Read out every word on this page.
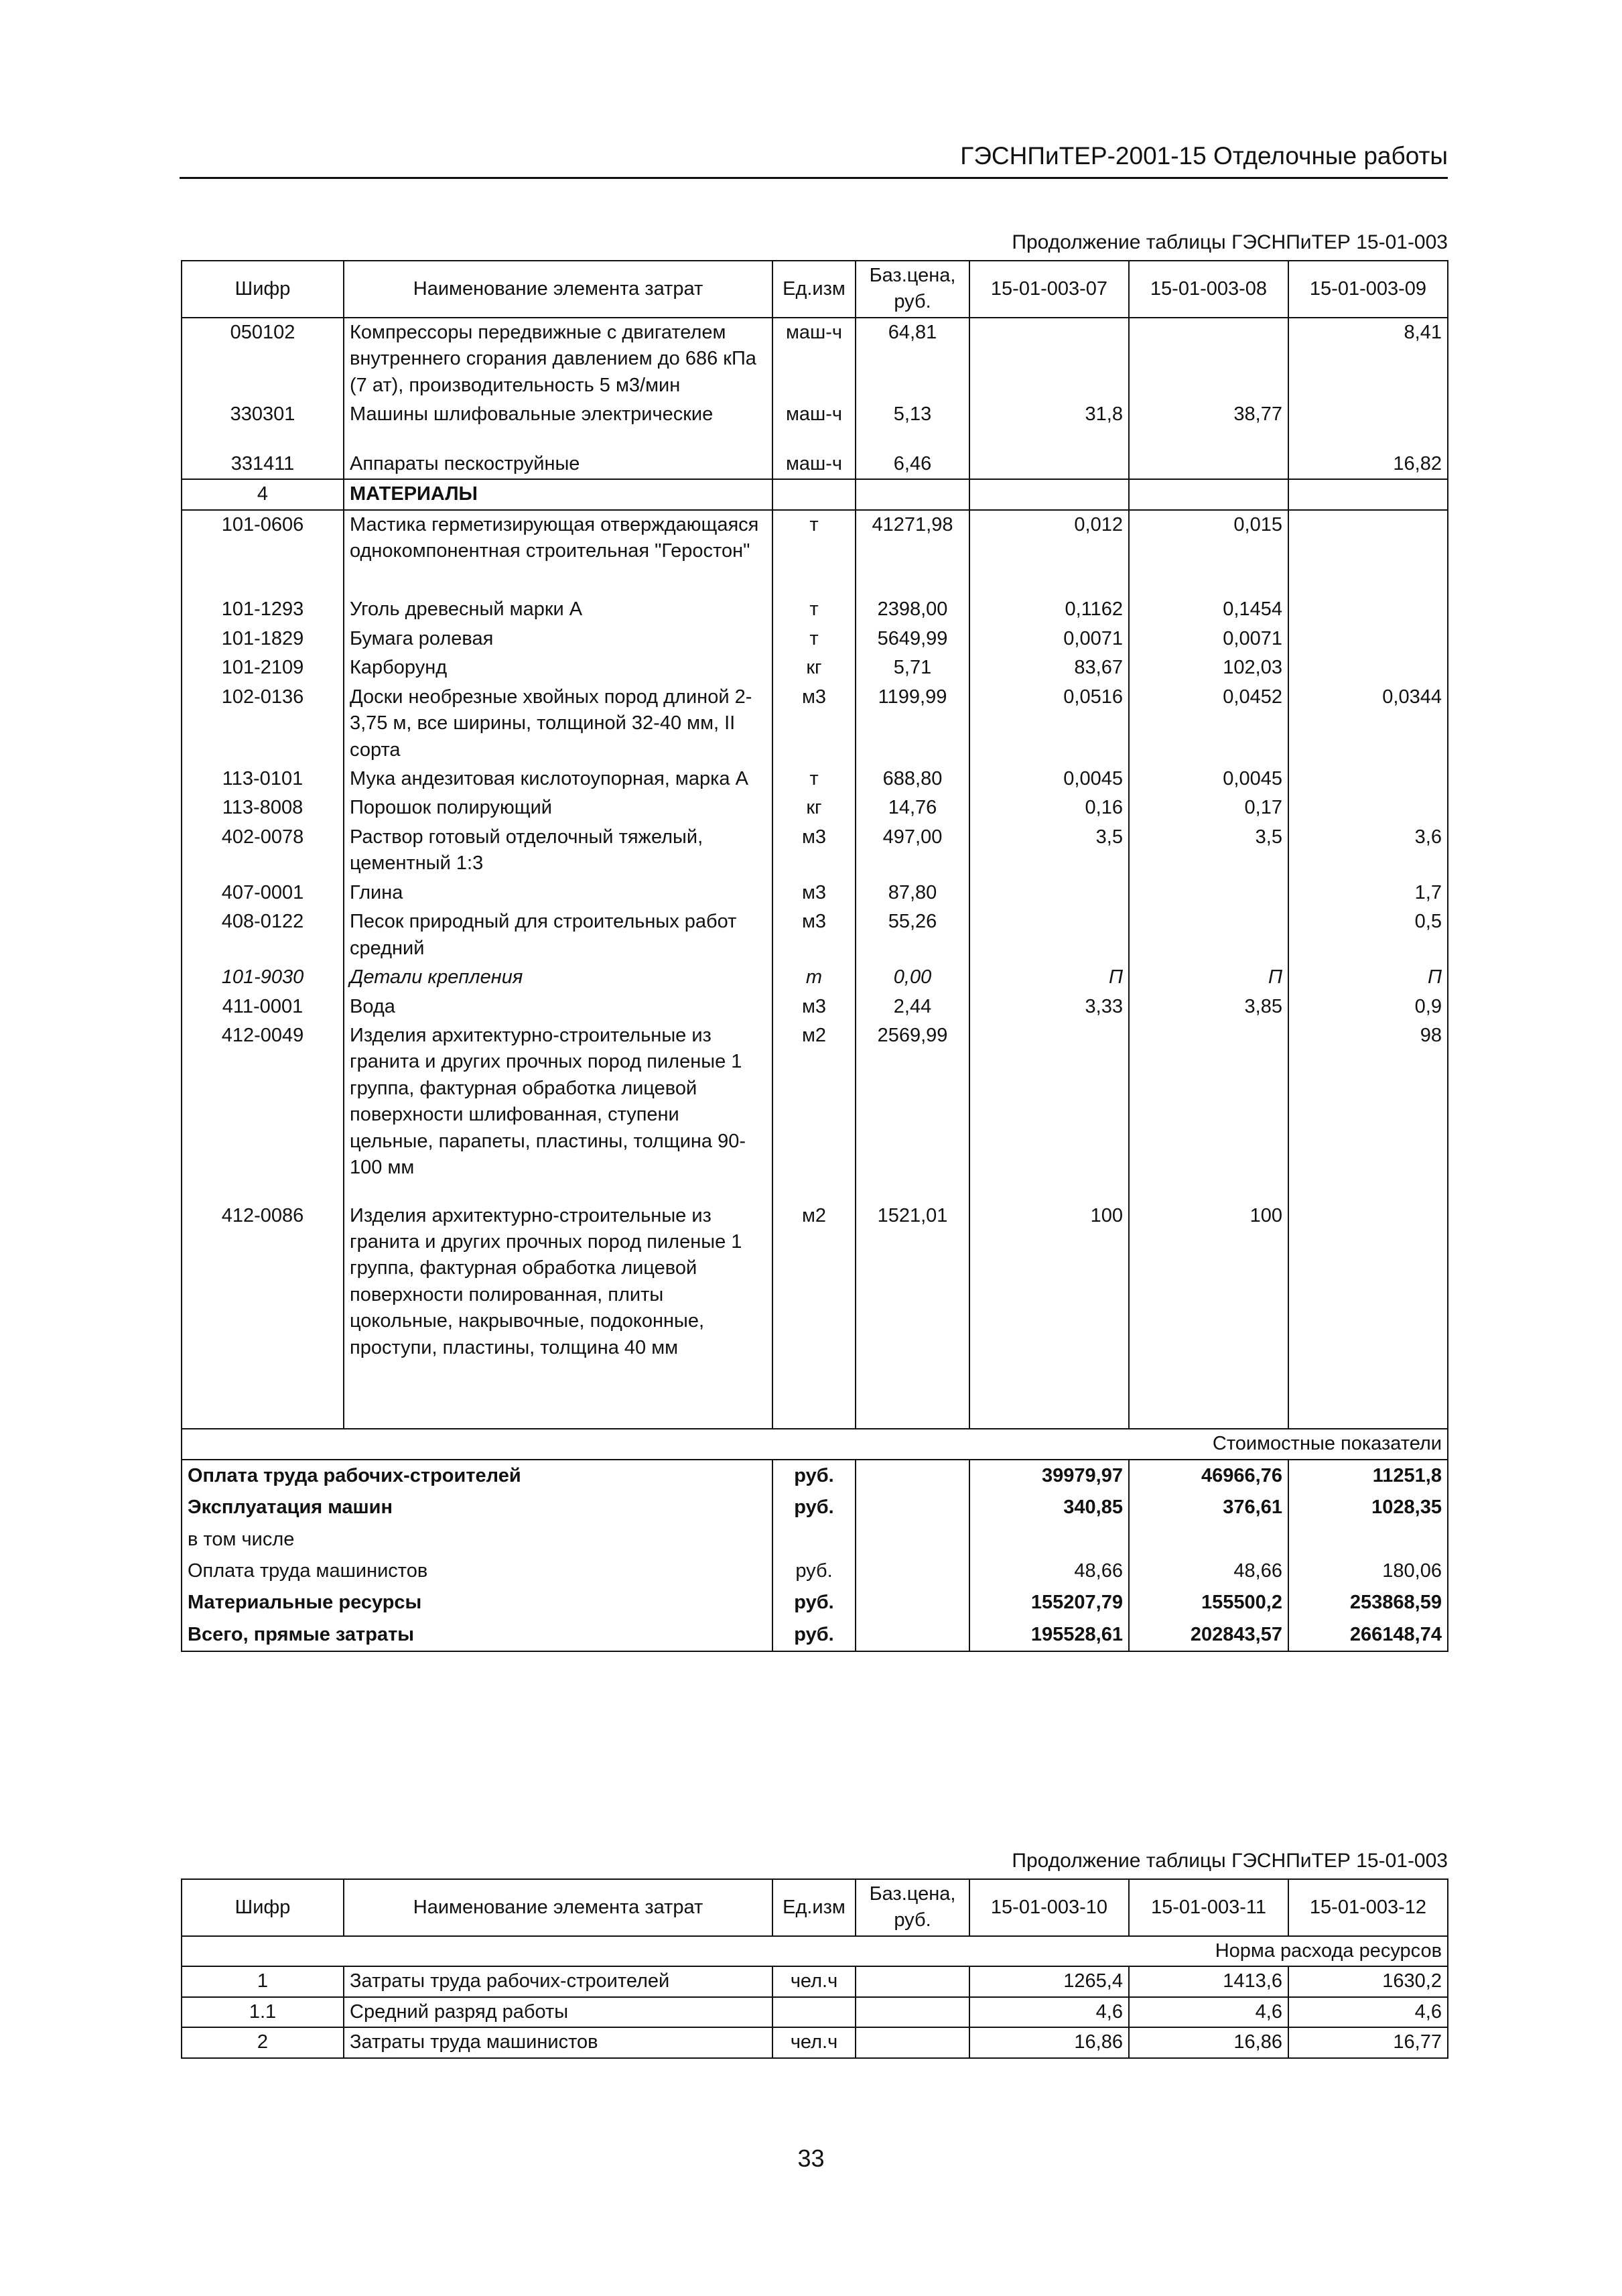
ГЭСНПиТЕР-2001-15 Отделочные работы
Продолжение таблицы ГЭСНПиТЕР 15-01-003
Шифр	Наименование элемента затрат	Ед.изм	Баз.цена, руб.	15-01-003-07	15-01-003-08	15-01-003-09
050102	Компрессоры передвижные с двигателем внутреннего сгорания давлением до 686 кПа (7 ат), производительность 5 м3/мин	маш-ч	64,81			8,41
330301	Машины шлифовальные электрические	маш-ч	5,13	31,8	38,77	
331411	Аппараты пескоструйные	маш-ч	6,46			16,82
4	МАТЕРИАЛЫ					
101-0606	Мастика герметизирующая отверждающаяся однокомпонентная строительная "Геростон"	т	41271,98	0,012	0,015	
101-1293	Уголь древесный марки А	т	2398,00	0,1162	0,1454	
101-1829	Бумага ролевая	т	5649,99	0,0071	0,0071	
101-2109	Карборунд	кг	5,71	83,67	102,03	
102-0136	Доски необрезные хвойных пород длиной 2-3,75 м, все ширины, толщиной 32-40 мм, II сорта	м3	1199,99	0,0516	0,0452	0,0344
113-0101	Мука андезитовая кислотоупорная, марка А	т	688,80	0,0045	0,0045	
113-8008	Порошок полирующий	кг	14,76	0,16	0,17	
402-0078	Раствор готовый отделочный тяжелый, цементный 1:3	м3	497,00	3,5	3,5	3,6
407-0001	Глина	м3	87,80			1,7
408-0122	Песок природный для строительных работ средний	м3	55,26			0,5
101-9030	Детали крепления	т	0,00	П	П	П
411-0001	Вода	м3	2,44	3,33	3,85	0,9
412-0049	Изделия архитектурно-строительные из гранита и других прочных пород пиленые 1 группа, фактурная обработка лицевой поверхности шлифованная, ступени цельные, парапеты, пластины, толщина 90-100 мм	м2	2569,99			98
412-0086	Изделия архитектурно-строительные из гранита и других прочных пород пиленые 1 группа, фактурная обработка лицевой поверхности полированная, плиты цокольные, накрывочные, подоконные, проступи, пластины, толщина 40 мм	м2	1521,01	100	100	
Стоимостные показатели						
Оплата труда рабочих-строителей		руб.		39979,97	46966,76	11251,8
Эксплуатация машин		руб.		340,85	376,61	1028,35
в том числе						
Оплата труда машинистов		руб.		48,66	48,66	180,06
Материальные ресурсы		руб.		155207,79	155500,2	253868,59
Всего, прямые затраты		руб.		195528,61	202843,57	266148,74
Продолжение таблицы ГЭСНПиТЕР 15-01-003
Шифр	Наименование элемента затрат	Ед.изм	Баз.цена, руб.	15-01-003-10	15-01-003-11	15-01-003-12
Норма расхода ресурсов						
1	Затраты труда рабочих-строителей	чел.ч		1265,4	1413,6	1630,2
1.1	Средний разряд работы			4,6	4,6	4,6
2	Затраты труда машинистов	чел.ч		16,86	16,86	16,77
33
